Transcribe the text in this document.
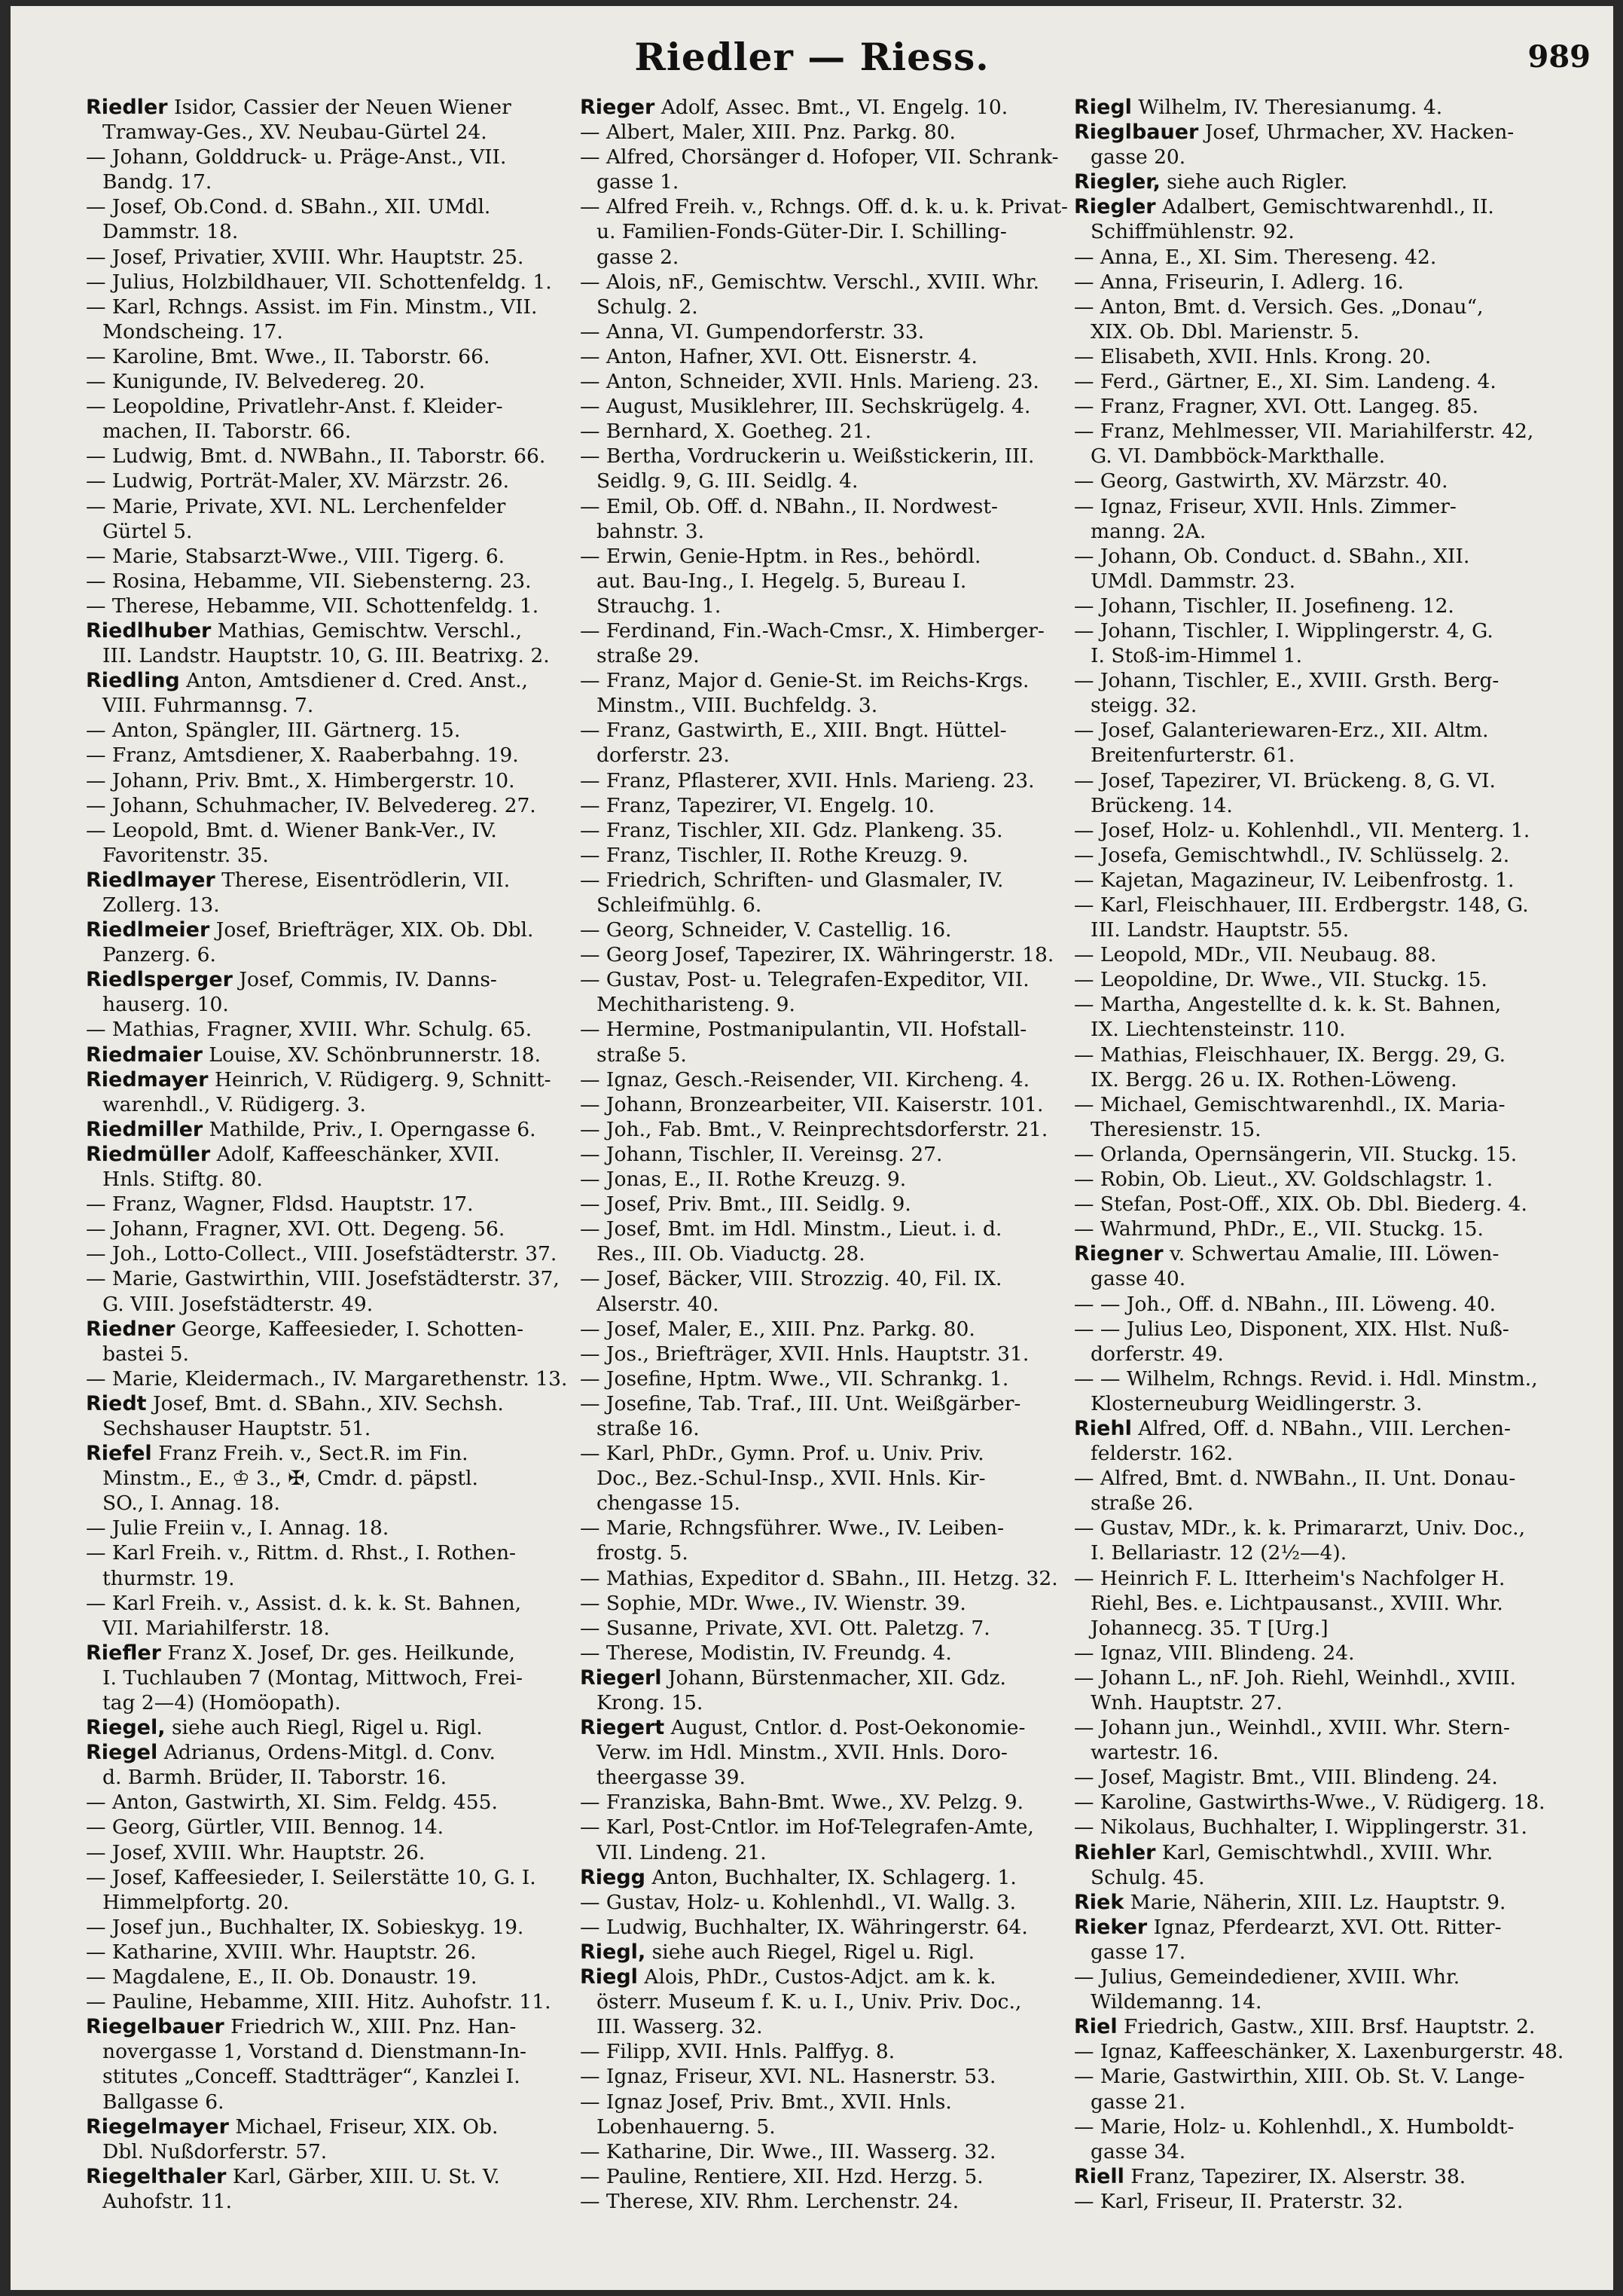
Riedler — Riess.	989
Riedler Isidor, Cassier der Neuen Wiener
Tramway-Ges., XV. Neubau-Gürtel 24.
— Johann, Golddruck- u. Präge-Anst., VII.
Bandg. 17.
— Josef, Ob.Cond. d. SBahn., XII. UMdl.
Dammstr. 18.
— Josef, Privatier, XVIII. Whr. Hauptstr. 25.
— Julius, Holzbildhauer, VII. Schottenfeldg. 1.
— Karl, Rchngs. Assist. im Fin. Minstm., VII.
Mondscheing. 17.
— Karoline, Bmt. Wwe., II. Taborstr. 66.
— Kunigunde, IV. Belvedereg. 20.
— Leopoldine, Privatlehr-Anst. f. Kleider-
machen, II. Taborstr. 66.
— Ludwig, Bmt. d. NWBahn., II. Taborstr. 66.
— Ludwig, Porträt-Maler, XV. Märzstr. 26.
— Marie, Private, XVI. NL. Lerchenfelder
Gürtel 5.
— Marie, Stabsarzt-Wwe., VIII. Tigerg. 6.
— Rosina, Hebamme, VII. Siebensterng. 23.
— Therese, Hebamme, VII. Schottenfeldg. 1.
Riedlhuber Mathias, Gemischtw. Verschl.,
III. Landstr. Hauptstr. 10, G. III. Beatrixg. 2.
Riedling Anton, Amtsdiener d. Cred. Anst.,
VIII. Fuhrmannsg. 7.
— Anton, Spängler, III. Gärtnerg. 15.
— Franz, Amtsdiener, X. Raaberbahng. 19.
— Johann, Priv. Bmt., X. Himbergerstr. 10.
— Johann, Schuhmacher, IV. Belvedereg. 27.
— Leopold, Bmt. d. Wiener Bank-Ver., IV.
Favoritenstr. 35.
Riedlmayer Therese, Eisentrödlerin, VII.
Zollerg. 13.
Riedlmeier Josef, Briefträger, XIX. Ob. Dbl.
Panzerg. 6.
Riedlsperger Josef, Commis, IV. Danns-
hauserg. 10.
— Mathias, Fragner, XVIII. Whr. Schulg. 65.
Riedmaier Louise, XV. Schönbrunnerstr. 18.
Riedmayer Heinrich, V. Rüdigerg. 9, Schnitt-
warenhdl., V. Rüdigerg. 3.
Riedmiller Mathilde, Priv., I. Operngasse 6.
Riedmüller Adolf, Kaffeeschänker, XVII.
Hnls. Stiftg. 80.
— Franz, Wagner, Fldsd. Hauptstr. 17.
— Johann, Fragner, XVI. Ott. Degeng. 56.
— Joh., Lotto-Collect., VIII. Josefstädterstr. 37.
— Marie, Gastwirthin, VIII. Josefstädterstr. 37,
G. VIII. Josefstädterstr. 49.
Riedner George, Kaffeesieder, I. Schotten-
bastei 5.
— Marie, Kleidermach., IV. Margarethenstr. 13.
Riedt Josef, Bmt. d. SBahn., XIV. Sechsh.
Sechshauser Hauptstr. 51.
Riefel Franz Freih. v., Sect.R. im Fin.
Minstm., E., ♔ 3., ✠, Cmdr. d. päpstl.
SO., I. Annag. 18.
— Julie Freiin v., I. Annag. 18.
— Karl Freih. v., Rittm. d. Rhst., I. Rothen-
thurmstr. 19.
— Karl Freih. v., Assist. d. k. k. St. Bahnen,
VII. Mariahilferstr. 18.
Riefler Franz X. Josef, Dr. ges. Heilkunde,
I. Tuchlauben 7 (Montag, Mittwoch, Frei-
tag 2—4) (Homöopath).
Riegel, siehe auch Riegl, Rigel u. Rigl.
Riegel Adrianus, Ordens-Mitgl. d. Conv.
d. Barmh. Brüder, II. Taborstr. 16.
— Anton, Gastwirth, XI. Sim. Feldg. 455.
— Georg, Gürtler, VIII. Bennog. 14.
— Josef, XVIII. Whr. Hauptstr. 26.
— Josef, Kaffeesieder, I. Seilerstätte 10, G. I.
Himmelpfortg. 20.
— Josef jun., Buchhalter, IX. Sobieskyg. 19.
— Katharine, XVIII. Whr. Hauptstr. 26.
— Magdalene, E., II. Ob. Donaustr. 19.
— Pauline, Hebamme, XIII. Hitz. Auhofstr. 11.
Riegelbauer Friedrich W., XIII. Pnz. Han-
novergasse 1, Vorstand d. Dienstmann-In-
stitutes „Conceff. Stadtträger“, Kanzlei I.
Ballgasse 6.
Riegelmayer Michael, Friseur, XIX. Ob.
Dbl. Nußdorferstr. 57.
Riegelthaler Karl, Gärber, XIII. U. St. V.
Auhofstr. 11.
Rieger Adolf, Assec. Bmt., VI. Engelg. 10.
— Albert, Maler, XIII. Pnz. Parkg. 80.
— Alfred, Chorsänger d. Hofoper, VII. Schrank-
gasse 1.
— Alfred Freih. v., Rchngs. Off. d. k. u. k. Privat-
u. Familien-Fonds-Güter-Dir. I. Schilling-
gasse 2.
— Alois, nF., Gemischtw. Verschl., XVIII. Whr.
Schulg. 2.
— Anna, VI. Gumpendorferstr. 33.
— Anton, Hafner, XVI. Ott. Eisnerstr. 4.
— Anton, Schneider, XVII. Hnls. Marieng. 23.
— August, Musiklehrer, III. Sechskrügelg. 4.
— Bernhard, X. Goetheg. 21.
— Bertha, Vordruckerin u. Weißstickerin, III.
Seidlg. 9, G. III. Seidlg. 4.
— Emil, Ob. Off. d. NBahn., II. Nordwest-
bahnstr. 3.
— Erwin, Genie-Hptm. in Res., behördl.
aut. Bau-Ing., I. Hegelg. 5, Bureau I.
Strauchg. 1.
— Ferdinand, Fin.-Wach-Cmsr., X. Himberger-
straße 29.
— Franz, Major d. Genie-St. im Reichs-Krgs.
Minstm., VIII. Buchfeldg. 3.
— Franz, Gastwirth, E., XIII. Bngt. Hüttel-
dorferstr. 23.
— Franz, Pflasterer, XVII. Hnls. Marieng. 23.
— Franz, Tapezirer, VI. Engelg. 10.
— Franz, Tischler, XII. Gdz. Plankeng. 35.
— Franz, Tischler, II. Rothe Kreuzg. 9.
— Friedrich, Schriften- und Glasmaler, IV.
Schleifmühlg. 6.
— Georg, Schneider, V. Castellig. 16.
— Georg Josef, Tapezirer, IX. Währingerstr. 18.
— Gustav, Post- u. Telegrafen-Expeditor, VII.
Mechitharisteng. 9.
— Hermine, Postmanipulantin, VII. Hofstall-
straße 5.
— Ignaz, Gesch.-Reisender, VII. Kircheng. 4.
— Johann, Bronzearbeiter, VII. Kaiserstr. 101.
— Joh., Fab. Bmt., V. Reinprechtsdorferstr. 21.
— Johann, Tischler, II. Vereinsg. 27.
— Jonas, E., II. Rothe Kreuzg. 9.
— Josef, Priv. Bmt., III. Seidlg. 9.
— Josef, Bmt. im Hdl. Minstm., Lieut. i. d.
Res., III. Ob. Viaductg. 28.
— Josef, Bäcker, VIII. Strozzig. 40, Fil. IX.
Alserstr. 40.
— Josef, Maler, E., XIII. Pnz. Parkg. 80.
— Jos., Briefträger, XVII. Hnls. Hauptstr. 31.
— Josefine, Hptm. Wwe., VII. Schrankg. 1.
— Josefine, Tab. Traf., III. Unt. Weißgärber-
straße 16.
— Karl, PhDr., Gymn. Prof. u. Univ. Priv.
Doc., Bez.-Schul-Insp., XVII. Hnls. Kir-
chengasse 15.
— Marie, Rchngsführer. Wwe., IV. Leiben-
frostg. 5.
— Mathias, Expeditor d. SBahn., III. Hetzg. 32.
— Sophie, MDr. Wwe., IV. Wienstr. 39.
— Susanne, Private, XVI. Ott. Paletzg. 7.
— Therese, Modistin, IV. Freundg. 4.
Riegerl Johann, Bürstenmacher, XII. Gdz.
Krong. 15.
Riegert August, Cntlor. d. Post-Oekonomie-
Verw. im Hdl. Minstm., XVII. Hnls. Doro-
theergasse 39.
— Franziska, Bahn-Bmt. Wwe., XV. Pelzg. 9.
— Karl, Post-Cntlor. im Hof-Telegrafen-Amte,
VII. Lindeng. 21.
Riegg Anton, Buchhalter, IX. Schlagerg. 1.
— Gustav, Holz- u. Kohlenhdl., VI. Wallg. 3.
— Ludwig, Buchhalter, IX. Währingerstr. 64.
Riegl, siehe auch Riegel, Rigel u. Rigl.
Riegl Alois, PhDr., Custos-Adjct. am k. k.
österr. Museum f. K. u. I., Univ. Priv. Doc.,
III. Wasserg. 32.
— Filipp, XVII. Hnls. Palffyg. 8.
— Ignaz, Friseur, XVI. NL. Hasnerstr. 53.
— Ignaz Josef, Priv. Bmt., XVII. Hnls.
Lobenhauerng. 5.
— Katharine, Dir. Wwe., III. Wasserg. 32.
— Pauline, Rentiere, XII. Hzd. Herzg. 5.
— Therese, XIV. Rhm. Lerchenstr. 24.
Riegl Wilhelm, IV. Theresianumg. 4.
Rieglbauer Josef, Uhrmacher, XV. Hacken-
gasse 20.
Riegler, siehe auch Rigler.
Riegler Adalbert, Gemischtwarenhdl., II.
Schiffmühlenstr. 92.
— Anna, E., XI. Sim. Thereseng. 42.
— Anna, Friseurin, I. Adlerg. 16.
— Anton, Bmt. d. Versich. Ges. „Donau“,
XIX. Ob. Dbl. Marienstr. 5.
— Elisabeth, XVII. Hnls. Krong. 20.
— Ferd., Gärtner, E., XI. Sim. Landeng. 4.
— Franz, Fragner, XVI. Ott. Langeg. 85.
— Franz, Mehlmesser, VII. Mariahilferstr. 42,
G. VI. Dambböck-Markthalle.
— Georg, Gastwirth, XV. Märzstr. 40.
— Ignaz, Friseur, XVII. Hnls. Zimmer-
manng. 2A.
— Johann, Ob. Conduct. d. SBahn., XII.
UMdl. Dammstr. 23.
— Johann, Tischler, II. Josefineng. 12.
— Johann, Tischler, I. Wipplingerstr. 4, G.
I. Stoß-im-Himmel 1.
— Johann, Tischler, E., XVIII. Grsth. Berg-
steigg. 32.
— Josef, Galanteriewaren-Erz., XII. Altm.
Breitenfurterstr. 61.
— Josef, Tapezirer, VI. Brückeng. 8, G. VI.
Brückeng. 14.
— Josef, Holz- u. Kohlenhdl., VII. Menterg. 1.
— Josefa, Gemischtwhdl., IV. Schlüsselg. 2.
— Kajetan, Magazineur, IV. Leibenfrostg. 1.
— Karl, Fleischhauer, III. Erdbergstr. 148, G.
III. Landstr. Hauptstr. 55.
— Leopold, MDr., VII. Neubaug. 88.
— Leopoldine, Dr. Wwe., VII. Stuckg. 15.
— Martha, Angestellte d. k. k. St. Bahnen,
IX. Liechtensteinstr. 110.
— Mathias, Fleischhauer, IX. Bergg. 29, G.
IX. Bergg. 26 u. IX. Rothen-Löweng.
— Michael, Gemischtwarenhdl., IX. Maria-
Theresienstr. 15.
— Orlanda, Opernsängerin, VII. Stuckg. 15.
— Robin, Ob. Lieut., XV. Goldschlagstr. 1.
— Stefan, Post-Off., XIX. Ob. Dbl. Biederg. 4.
— Wahrmund, PhDr., E., VII. Stuckg. 15.
Riegner v. Schwertau Amalie, III. Löwen-
gasse 40.
— — Joh., Off. d. NBahn., III. Löweng. 40.
— — Julius Leo, Disponent, XIX. Hlst. Nuß-
dorferstr. 49.
— — Wilhelm, Rchngs. Revid. i. Hdl. Minstm.,
Klosterneuburg Weidlingerstr. 3.
Riehl Alfred, Off. d. NBahn., VIII. Lerchen-
felderstr. 162.
— Alfred, Bmt. d. NWBahn., II. Unt. Donau-
straße 26.
— Gustav, MDr., k. k. Primararzt, Univ. Doc.,
I. Bellariastr. 12 (2½—4).
— Heinrich F. L. Itterheim's Nachfolger H.
Riehl, Bes. e. Lichtpausanst., XVIII. Whr.
Johanneсg. 35. T [Urg.]
— Ignaz, VIII. Blindeng. 24.
— Johann L., nF. Joh. Riehl, Weinhdl., XVIII.
Wnh. Hauptstr. 27.
— Johann jun., Weinhdl., XVIII. Whr. Stern-
wartestr. 16.
— Josef, Magistr. Bmt., VIII. Blindeng. 24.
— Karoline, Gastwirths-Wwe., V. Rüdigerg. 18.
— Nikolaus, Buchhalter, I. Wipplingerstr. 31.
Riehler Karl, Gemischtwhdl., XVIII. Whr.
Schulg. 45.
Riek Marie, Näherin, XIII. Lz. Hauptstr. 9.
Rieker Ignaz, Pferdearzt, XVI. Ott. Ritter-
gasse 17.
— Julius, Gemeindediener, XVIII. Whr.
Wildemanng. 14.
Riel Friedrich, Gastw., XIII. Brsf. Hauptstr. 2.
— Ignaz, Kaffeeschänker, X. Laxenburgerstr. 48.
— Marie, Gastwirthin, XIII. Ob. St. V. Lange-
gasse 21.
— Marie, Holz- u. Kohlenhdl., X. Humboldt-
gasse 34.
Riell Franz, Tapezirer, IX. Alserstr. 38.
— Karl, Friseur, II. Praterstr. 32.
